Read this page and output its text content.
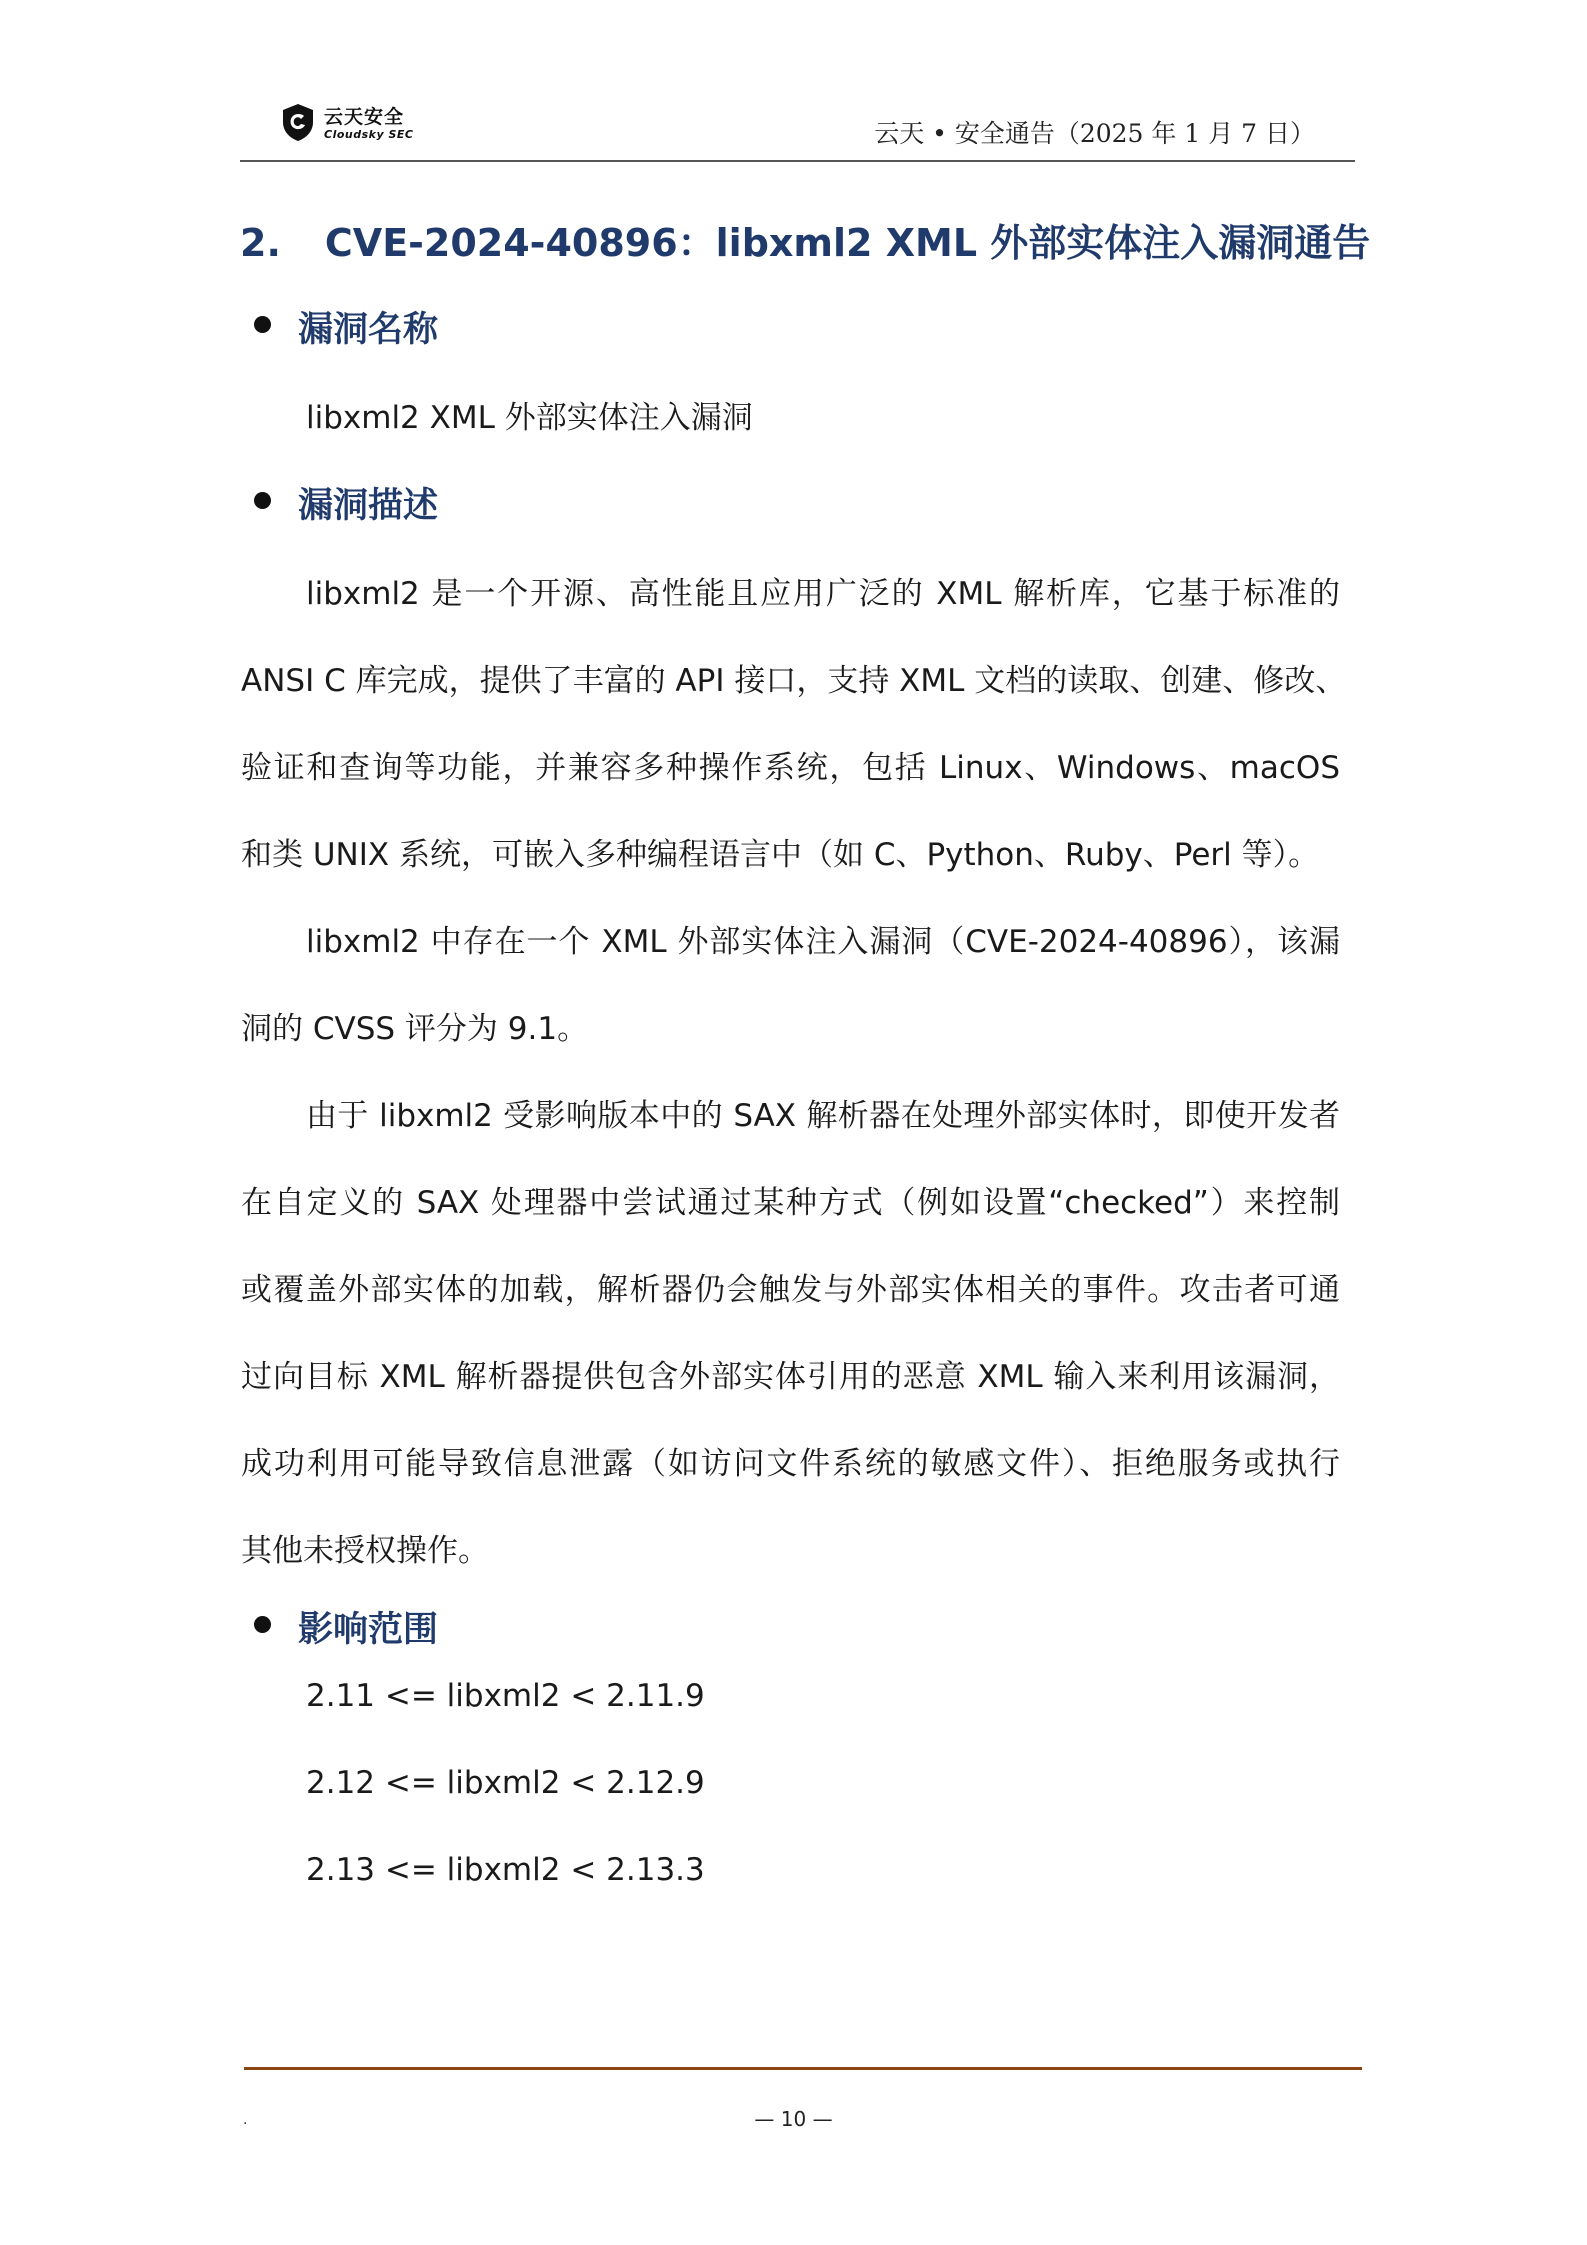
云天安全
Cloudsky SEC	云天 • 安全通告（2025 年 1 月 7 日）
2. CVE-2024-40896：libxml2 XML 外部实体注入漏洞通告
漏洞名称
libxml2 XML 外部实体注入漏洞
漏洞描述
libxml2 是一个开源、高性能且应用广泛的 XML 解析库，它基于标准的
ANSI C 库完成，提供了丰富的 API 接口，支持 XML 文档的读取、创建、修改、
验证和查询等功能，并兼容多种操作系统，包括 Linux、Windows、macOS
和类 UNIX 系统，可嵌入多种编程语言中（如 C、Python、Ruby、Perl 等）。
libxml2 中存在一个 XML 外部实体注入漏洞（CVE-2024-40896），该漏
洞的 CVSS 评分为 9.1。
由于 libxml2 受影响版本中的 SAX 解析器在处理外部实体时，即使开发者
在自定义的 SAX 处理器中尝试通过某种方式（例如设置“checked”）来控制
或覆盖外部实体的加载，解析器仍会触发与外部实体相关的事件。攻击者可通
过向目标 XML 解析器提供包含外部实体引用的恶意 XML 输入来利用该漏洞，
成功利用可能导致信息泄露（如访问文件系统的敏感文件）、拒绝服务或执行
其他未授权操作。
影响范围
2.11 <= libxml2 < 2.11.9
2.12 <= libxml2 < 2.12.9
2.13 <= libxml2 < 2.13.3
.	— 10 —
